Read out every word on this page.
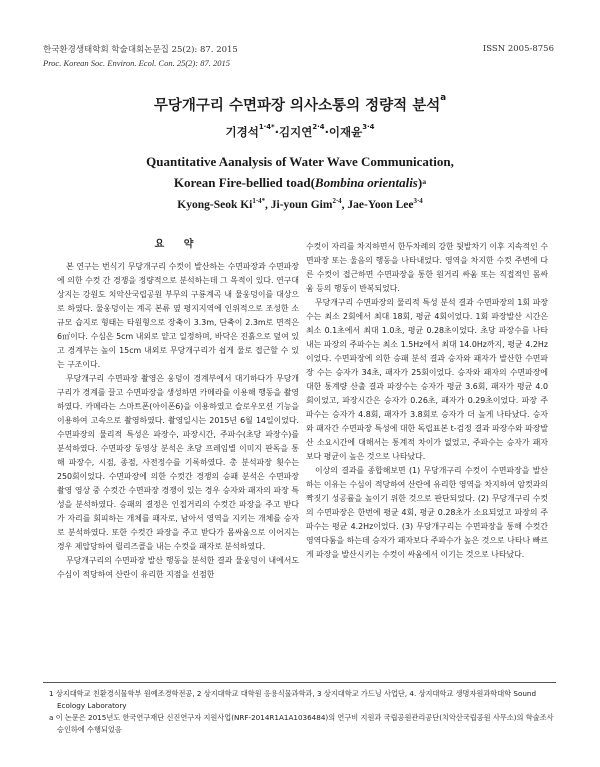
한국환경생태학회 학술대회논문집 25(2): 87. 2015
Proc. Korean Soc. Environ. Ecol. Con. 25(2): 87. 2015
ISSN 2005-8756
무당개구리 수면파장 의사소통의 정량적 분석$^a$
기경석$^{1\cdot 4*}$·김지연$^{2\cdot 4}$·이재윤$^{3\cdot 4}$
Quantitative Aanalysis of Water Wave Communication,
Korean Fire-bellied toad(Bombina orientalis)$^a$
Kyong-Seok $Ki^{1\cdot 4*}$, Ji-youn Gim$^{2\cdot 4}$, Jae-Yoon Lee$^{3\cdot 4}$
요 약

본 연구는 번식기 무당개구리 수컷이 발산하는 수면파장과 수면파장에 의한 수컷 간 경쟁을 정량적으로 분석하는데 그 목적이 있다. 연구대상지는 강원도 치악산국립공원 부무의 구룡계곡 내 물웅덩이를 대상으로 하였다. 물웅덩이는 계곡 본류 옆 평지지역에 인위적으로 조성한 소규모 습지로 형태는 타원형으로 장축이 3.3m, 단축이 2.3m로 면적은 6㎡이다. 수심은 5cm 내외로 얕고 일정하며, 바닥은 진흙으로 덮여 있고 경계부는 높이 15cm 내외로 무당개구리가 쉽게 물로 접근할 수 있는 구조이다.

무당개구리 수면파장 촬영은 웅덩이 경계부에서 대기하다가 무당개구리가 경계를 끌고 수면파장을 생성하면 카메라를 이용해 행동을 촬영하였다. 카메라는 스마트폰(아이폰6)을 이용하였고 슬로우모션 기능을 이용하여 고속으로 촬영하였다. 촬영일시는 2015년 6월 14일이었다. 수면파장의 물리적 특성은 파장수, 파장시간, 주파수(초당 파장수)를 분석하였다. 수면파장 동영상 분석은 초당 프레임별 이미지 판독을 통해 파장수, 시점, 종점, 사전정수를 기록하였다. 총 분석파장 횟수는 250회이었다. 수면파장에 의한 수컷간 경쟁의 승패 분석은 수면파장 촬영 영상 중 수컷간 수면파장 경쟁이 있는 경우 승자와 패자의 파장 특성을 분석하였다. 승패의 결정은 인접거리의 수컷간 파장을 주고 받다가 자리를 회피하는 개체를 패자로, 남아서 영역을 지키는 개체를 승자로 분석하였다. 또한 수컷간 파장을 주고 받다가 몸싸움으로 이어지는 경우 제압당하여 릴리즈콜을 내는 수컷을 패자로 분석하였다.

무당개구리의 수면파장 발산 행동을 분석한 결과 물웅덩이 내에서도 수심이 적당하여 산란이 유리한 지점을 선점한

수컷이 자리를 차지하면서 한두차례의 강한 뒷발차기 이후 지속적인 수면파장 또는 울음의 행동을 나타내었다. 영역을 차지한 수컷 주변에 다른 수컷이 접근하면 수면파장을 통한 원거리 싸움 또는 직접적인 몸싸움 등의 행동이 반복되었다.

무당개구리 수면파장의 물리적 특성 분석 결과 수면파장의 1회 파장수는 최소 2회에서 최대 18회, 평균 4회이었다. 1회 파장발산 시간은 최소 0.1초에서 최대 1.0초, 평균 0.28초이었다. 초당 파장수를 나타내는 파장의 주파수는 최소 1.5Hz에서 최대 14.0Hz까지, 평균 4.2Hz이었다. 수면파장에 의한 승패 분석 결과 승자와 패자가 발산한 수면파장 수는 승자가 34초, 패자가 25회이었다. 승자와 패자의 수면파장에 대한 통계량 산출 결과 파장수는 승자가 평균 3.6회, 패자가 평균 4.0회이었고, 파장시간은 승자가 0.26초, 패자가 0.29초이었다. 파장 주파수는 승자가 4.8회, 패자가 3.8회로 승자가 더 높게 나타났다. 승자와 패자간 수면파장 특성에 대한 독립표본 t-검정 결과 파장수와 파장발산 소요시간에 대해서는 통계적 차이가 없었고, 주파수는 승자가 패자보다 평균이 높은 것으로 나타났다.

이상의 결과를 종합해보면 (1) 무당개구리 수컷이 수면파장을 발산하는 이유는 수심이 적당하여 산란에 유리한 영역을 차지하여 암컷과의 짝짓기 성공률을 높이기 위한 것으로 판단되었다. (2) 무당개구리 수컷의 수면파장은 한번에 평균 4회, 평균 0.28초가 소요되었고 파장의 주파수는 평균 4.2Hz이었다. (3) 무당개구리는 수면파장을 통해 수컷간 영역다툼을 하는데 승자가 패자보다 주파수가 높은 것으로 나타나 빠르게 파장을 발산시키는 수컷이 싸움에서 이기는 것으로 나타났다.

1 상지대학교 친환경식물학부 원예조경학전공, 2 상지대학교 대학원 응용식물과학과, 3 상지대학교 가드닝 사업단, 4. 상지대학교 생명자원과학대학 Sound Ecology Laboratory

a 이 논문은 2015년도 한국연구재단 신진연구자 지원사업(NRF-2014R1A1A1036484)의 연구비 지원과 국립공원관리공단(치악산국립공원 사무소)의 학술조사 승인하에 수행되었음
